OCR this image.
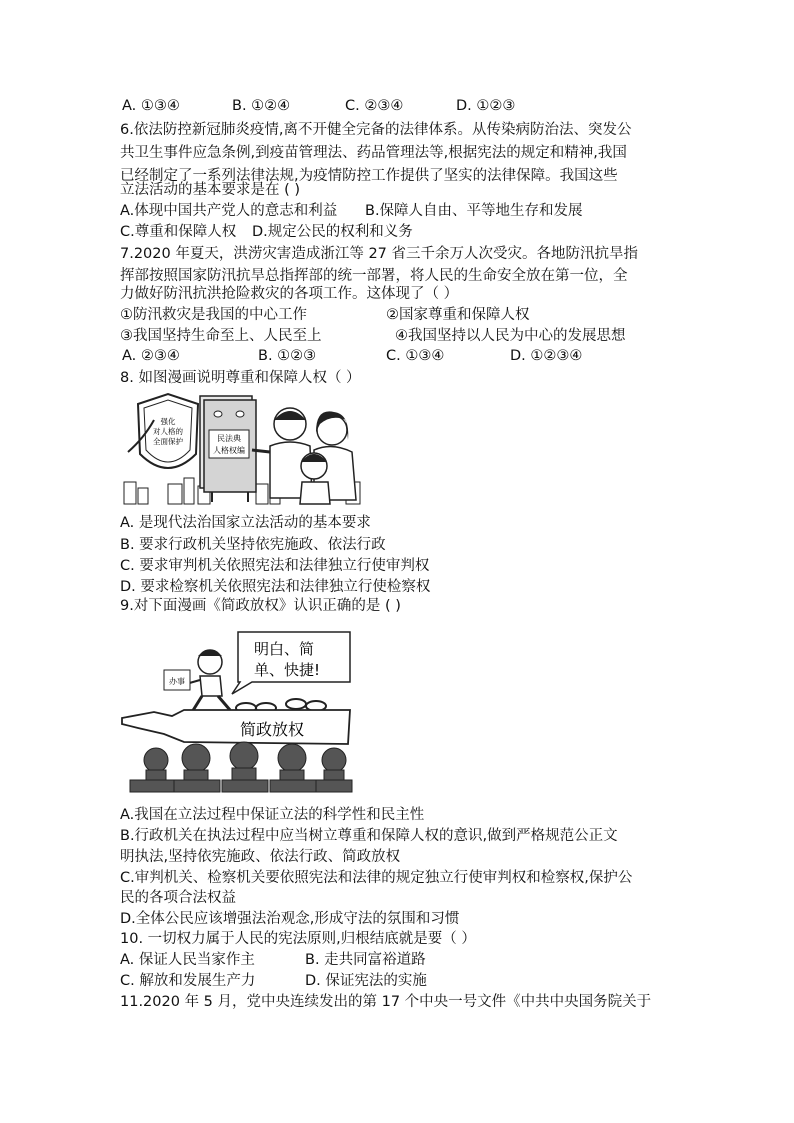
A. ①③④	B. ①②④	C. ②③④	D. ①②③
6.依法防控新冠肺炎疫情,离不开健全完备的法律体系。从传染病防治法、突发公
共卫生事件应急条例,到疫苗管理法、药品管理法等,根据宪法的规定和精神,我国
已经制定了一系列法律法规,为疫情防控工作提供了坚实的法律保障。我国这些
立法活动的基本要求是在 ( )
A.体现中国共产党人的意志和利益 B.保障人自由、平等地生存和发展
C.尊重和保障人权 D.规定公民的权利和义务
7.2020 年夏天，洪涝灾害造成浙江等 27 省三千余万人次受灾。各地防汛抗旱指
挥部按照国家防汛抗旱总指挥部的统一部署，将人民的生命安全放在第一位，全
力做好防汛抗洪抢险救灾的各项工作。这体现了（ ）
①防汛救灾是我国的中心工作	②国家尊重和保障人权
③我国坚持生命至上、人民至上	④我国坚持以人民为中心的发展思想
A. ②③④	B. ①②③	C. ①③④	D. ①②③④
8. 如图漫画说明尊重和保障人权（ ）
强化
对人格的
全面保护	民法典
人格权编
A. 是现代法治国家立法活动的基本要求
B. 要求行政机关坚持依宪施政、依法行政
C. 要求审判机关依照宪法和法律独立行使审判权
D. 要求检察机关依照宪法和法律独立行使检察权
9.对下面漫画《简政放权》认识正确的是 ( )
明白、简
单、快捷!
办事
简政放权
A.我国在立法过程中保证立法的科学性和民主性
B.行政机关在执法过程中应当树立尊重和保障人权的意识,做到严格规范公正文
明执法,坚持依宪施政、依法行政、简政放权
C.审判机关、检察机关要依照宪法和法律的规定独立行使审判权和检察权,保护公
民的各项合法权益
D.全体公民应该增强法治观念,形成守法的氛围和习惯
10. 一切权力属于人民的宪法原则,归根结底就是要（ ）
A. 保证人民当家作主	B. 走共同富裕道路
C. 解放和发展生产力	D. 保证宪法的实施
11.2020 年 5 月，党中央连续发出的第 17 个中央一号文件《中共中央国务院关于
